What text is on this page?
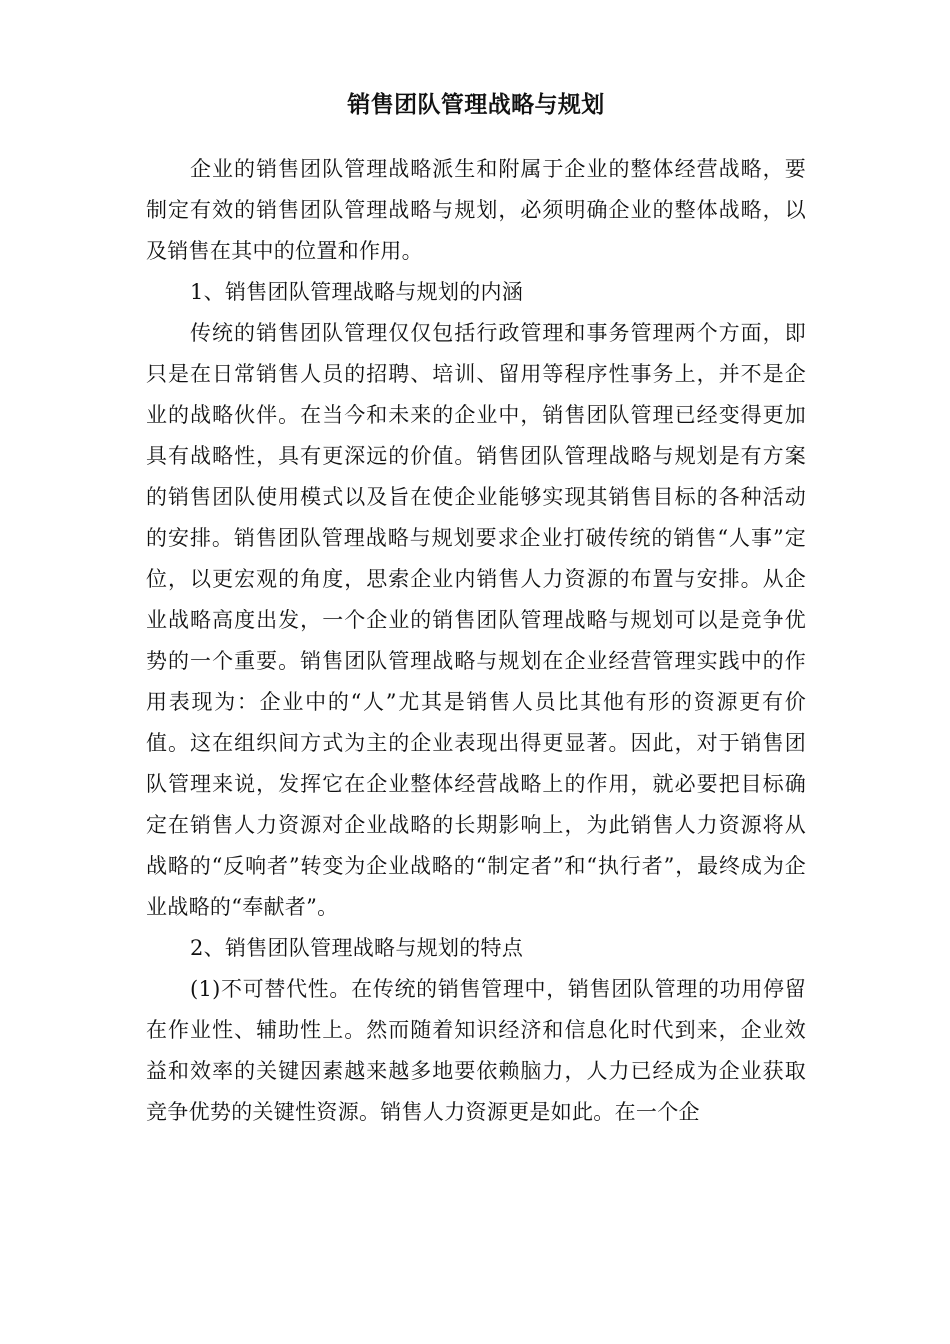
销售团队管理战略与规划

企业的销售团队管理战略派生和附属于企业的整体经营战略，要制定有效的销售团队管理战略与规划，必须明确企业的整体战略，以及销售在其中的位置和作用。

1、销售团队管理战略与规划的内涵

传统的销售团队管理仅仅包括行政管理和事务管理两个方面，即只是在日常销售人员的招聘、培训、留用等程序性事务上，并不是企业的战略伙伴。在当今和未来的企业中，销售团队管理已经变得更加具有战略性，具有更深远的价值。销售团队管理战略与规划是有方案的销售团队使用模式以及旨在使企业能够实现其销售目标的各种活动的安排。销售团队管理战略与规划要求企业打破传统的销售“人事”定位，以更宏观的角度，思索企业内销售人力资源的布置与安排。从企业战略高度出发，一个企业的销售团队管理战略与规划可以是竞争优势的一个重要。销售团队管理战略与规划在企业经营管理实践中的作用表现为：企业中的“人”尤其是销售人员比其他有形的资源更有价值。这在组织间方式为主的企业表现出得更显著。因此，对于销售团队管理来说，发挥它在企业整体经营战略上的作用，就必要把目标确定在销售人力资源对企业战略的长期影响上，为此销售人力资源将从战略的“反响者”转变为企业战略的“制定者”和“执行者”，最终成为企业战略的“奉献者”。

2、销售团队管理战略与规划的特点

(1)不可替代性。在传统的销售管理中，销售团队管理的功用停留在作业性、辅助性上。然而随着知识经济和信息化时代到来，企业效益和效率的关键因素越来越多地要依赖脑力，人力已经成为企业获取竞争优势的关键性资源。销售人力资源更是如此。在一个企
